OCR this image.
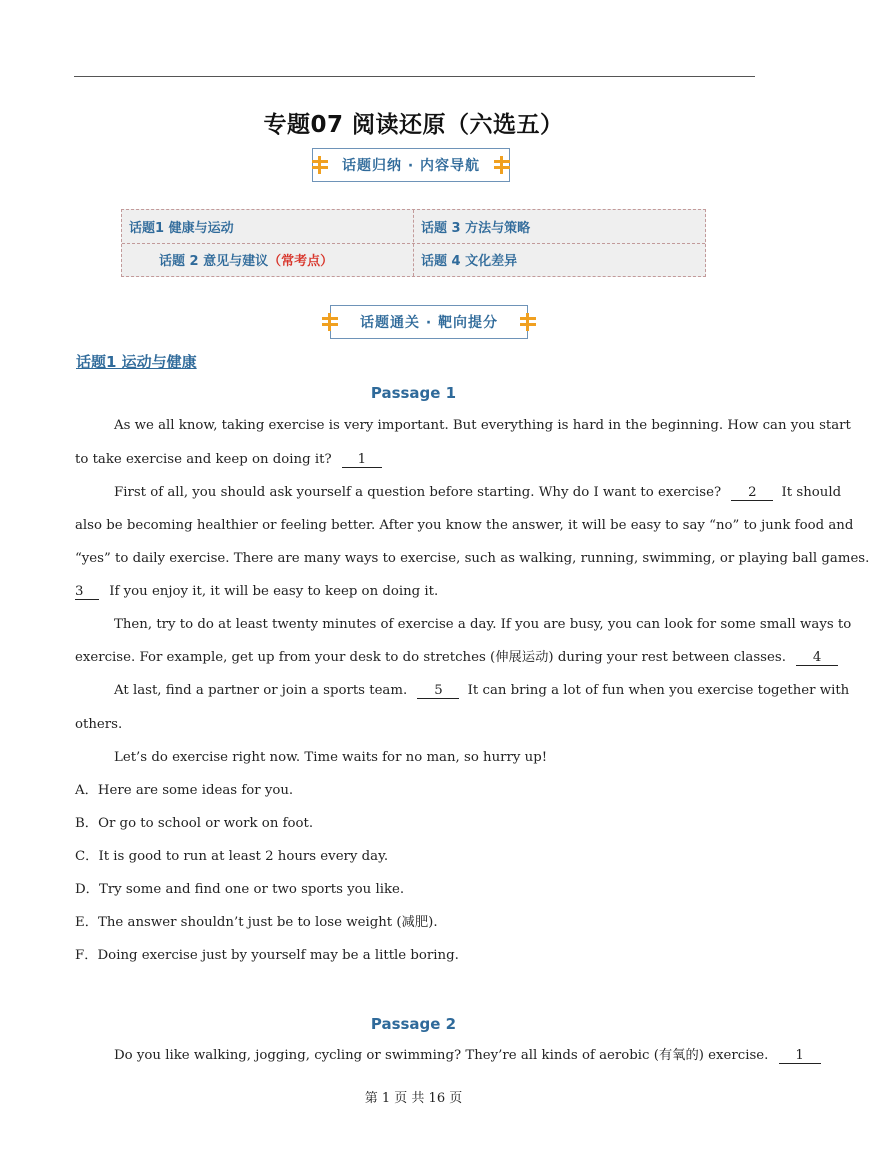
专题07 阅读还原（六选五）
话题归纳 · 内容导航
话题1 健康与运动
话题 2 意见与建议 （常考点）
话题 3 方法与策略
话题 4 文化差异
话题通关 · 靶向提分
话题1 运动与健康
Passage 1
As we all know, taking exercise is very important. But everything is hard in the beginning. How can you start
to take exercise and keep on doing it? 1
First of all, you should ask yourself a question before starting. Why do I want to exercise? 2 It should
also be becoming healthier or feeling better. After you know the answer, it will be easy to say “no” to junk food and
“yes” to daily exercise. There are many ways to exercise, such as walking, running, swimming, or playing ball games.
3 If you enjoy it, it will be easy to keep on doing it.
Then, try to do at least twenty minutes of exercise a day. If you are busy, you can look for some small ways to
exercise. For example, get up from your desk to do stretches (伸展运动) during your rest between classes. 4
At last, find a partner or join a sports team. 5 It can bring a lot of fun when you exercise together with
others.
Let’s do exercise right now. Time waits for no man, so hurry up!
A．Here are some ideas for you.
B．Or go to school or work on foot.
C．It is good to run at least 2 hours every day.
D．Try some and find one or two sports you like.
E．The answer shouldn’t just be to lose weight (减肥).
F．Doing exercise just by yourself may be a little boring.
Passage 2
Do you like walking, jogging, cycling or swimming? They’re all kinds of aerobic (有氧的) exercise. 1
第 1 页 共 16 页
